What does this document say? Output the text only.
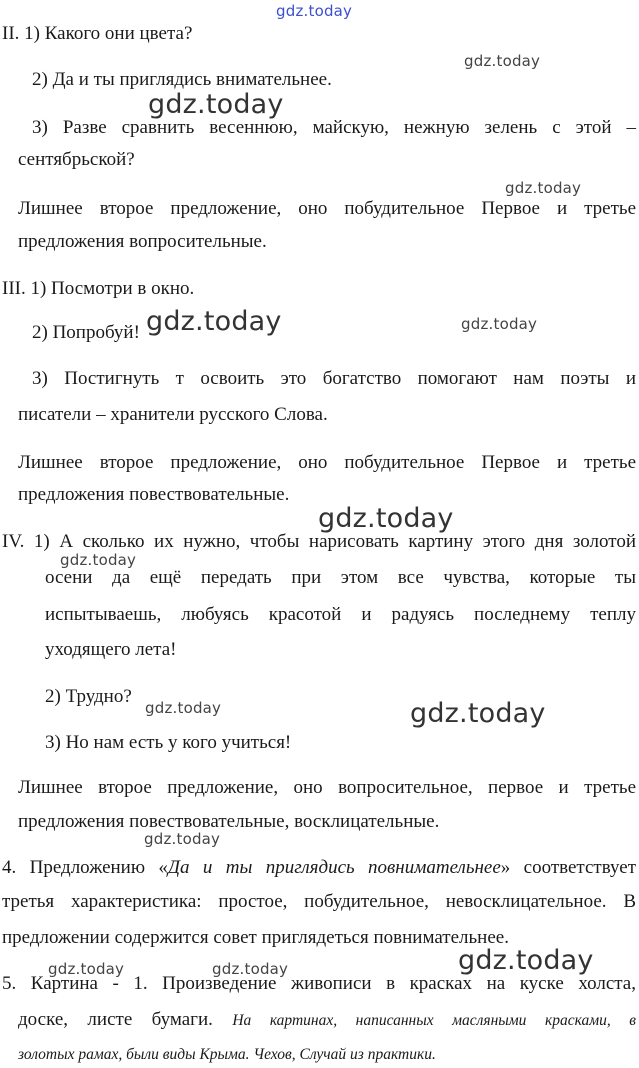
gdz.today
II. 1) Какого они цвета?
2) Да и ты приглядись внимательнее.
3) Разве сравнить весеннюю, майскую, нежную зелень с этой –
сентябрьской?
Лишнее второе предложение, оно побудительное Первое и третье
предложения вопросительные.
III. 1) Посмотри в окно.
2) Попробуй!
3) Постигнуть т освоить это богатство помогают нам поэты и
писатели – хранители русского Слова.
Лишнее второе предложение, оно побудительное Первое и третье
предложения повествовательные.
IV. 1) А сколько их нужно, чтобы нарисовать картину этого дня золотой
осени да ещё передать при этом все чувства, которые ты
испытываешь, любуясь красотой и радуясь последнему теплу
уходящего лета!
2) Трудно?
3) Но нам есть у кого учиться!
Лишнее второе предложение, оно вопросительное, первое и третье
предложения повествовательные, восклицательные.
4. Предложению «Да и ты приглядись повнимательнее» соответствует
третья характеристика: простое, побудительное, невосклицательное. В
предложении содержится совет приглядеться повнимательнее.
5. Картина - 1. Произведение живописи в красках на куске холста,
доске, листе бумаги. На картинах, написанных масляными красками, в
золотых рамах, были виды Крыма. Чехов, Случай из практики.
gdz.today
gdz.today
gdz.today
gdz.today	gdz.today
gdz.today
gdz.today
gdz.today	gdz.today
gdz.today
gdz.today	gdz.today	gdz.today
